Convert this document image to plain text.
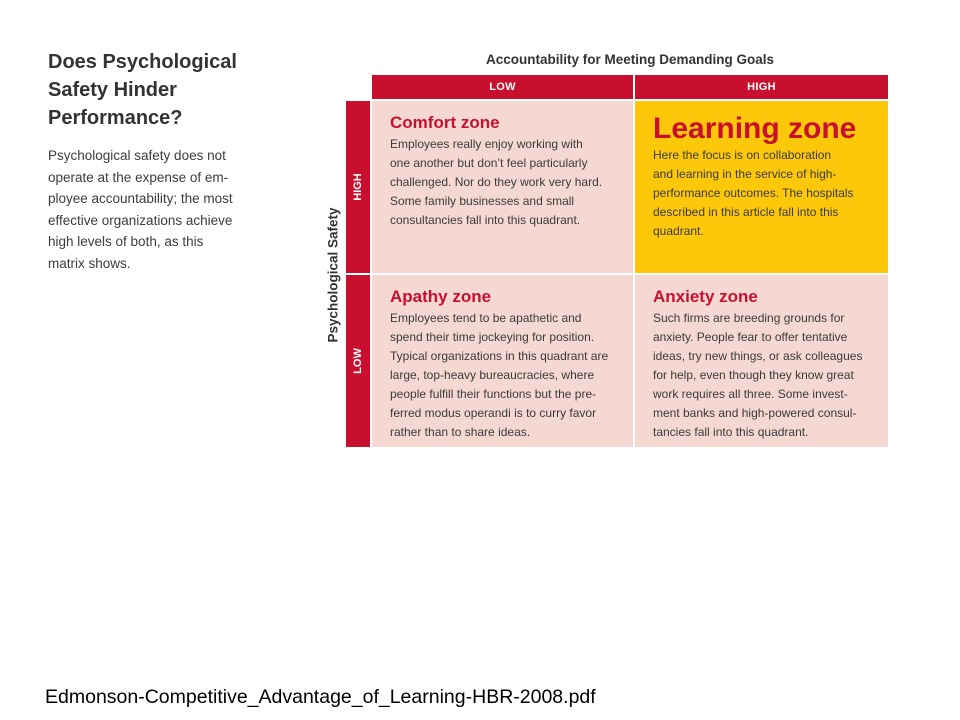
Does Psychological
Safety Hinder
Performance?
Psychological safety does not
operate at the expense of em-
ployee accountability; the most
effective organizations achieve
high levels of both, as this
matrix shows.
Accountability for Meeting Demanding Goals
LOW	HIGH
Psychological Safety
HIGH
LOW
Comfort zone
Employees really enjoy working with
one another but don’t feel particularly
challenged. Nor do they work very hard.
Some family businesses and small
consultancies fall into this quadrant.
Learning zone
Here the focus is on collaboration
and learning in the service of high-
performance outcomes. The hospitals
described in this article fall into this
quadrant.
Apathy zone
Employees tend to be apathetic and
spend their time jockeying for position.
Typical organizations in this quadrant are
large, top-heavy bureaucracies, where
people fulfill their functions but the pre-
ferred modus operandi is to curry favor
rather than to share ideas.
Anxiety zone
Such firms are breeding grounds for
anxiety. People fear to offer tentative
ideas, try new things, or ask colleagues
for help, even though they know great
work requires all three. Some invest-
ment banks and high-powered consul-
tancies fall into this quadrant.
Edmonson-Competitive_Advantage_of_Learning-HBR-2008.pdf
